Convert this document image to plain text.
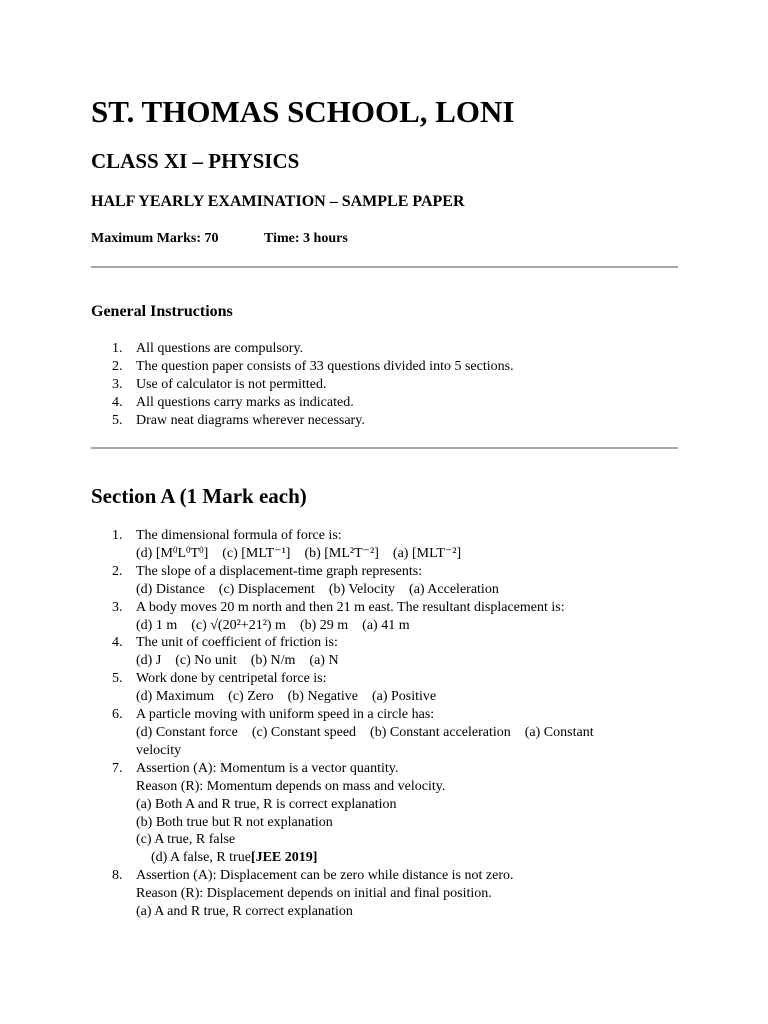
ST. THOMAS SCHOOL, LONI
CLASS XI – PHYSICS
HALF YEARLY EXAMINATION – SAMPLE PAPER
Maximum Marks: 70	Time: 3 hours
General Instructions
1. All questions are compulsory.
2. The question paper consists of 33 questions divided into 5 sections.
3. Use of calculator is not permitted.
4. All questions carry marks as indicated.
5. Draw neat diagrams wherever necessary.
Section A (1 Mark each)
1. The dimensional formula of force is:
(d) $[M^0L^0T^0]$    (c) [MLT⁻¹]    (b) [ML²T⁻²]    (a) [MLT⁻²]
2. The slope of a displacement-time graph represents:
(d) Distance    (c) Displacement    (b) Velocity    (a) Acceleration
3. A body moves 20 m north and then 21 m east. The resultant displacement is:
(d) 1 m    (c) √(20²+21²) m    (b) 29 m    (a) 41 m
4. The unit of coefficient of friction is:
(d) J    (c) No unit    (b) N/m    (a) N
5. Work done by centripetal force is:
(d) Maximum    (c) Zero    (b) Negative    (a) Positive
6. A particle moving with uniform speed in a circle has:
(d) Constant force    (c) Constant speed    (b) Constant acceleration    (a) Constant
velocity
7. Assertion (A): Momentum is a vector quantity.
Reason (R): Momentum depends on mass and velocity.
(a) Both A and R true, R is correct explanation
(b) Both true but R not explanation
(c) A true, R false
(d) A false, R true[JEE 2019]
8. Assertion (A): Displacement can be zero while distance is not zero.
Reason (R): Displacement depends on initial and final position.
(a) A and R true, R correct explanation
